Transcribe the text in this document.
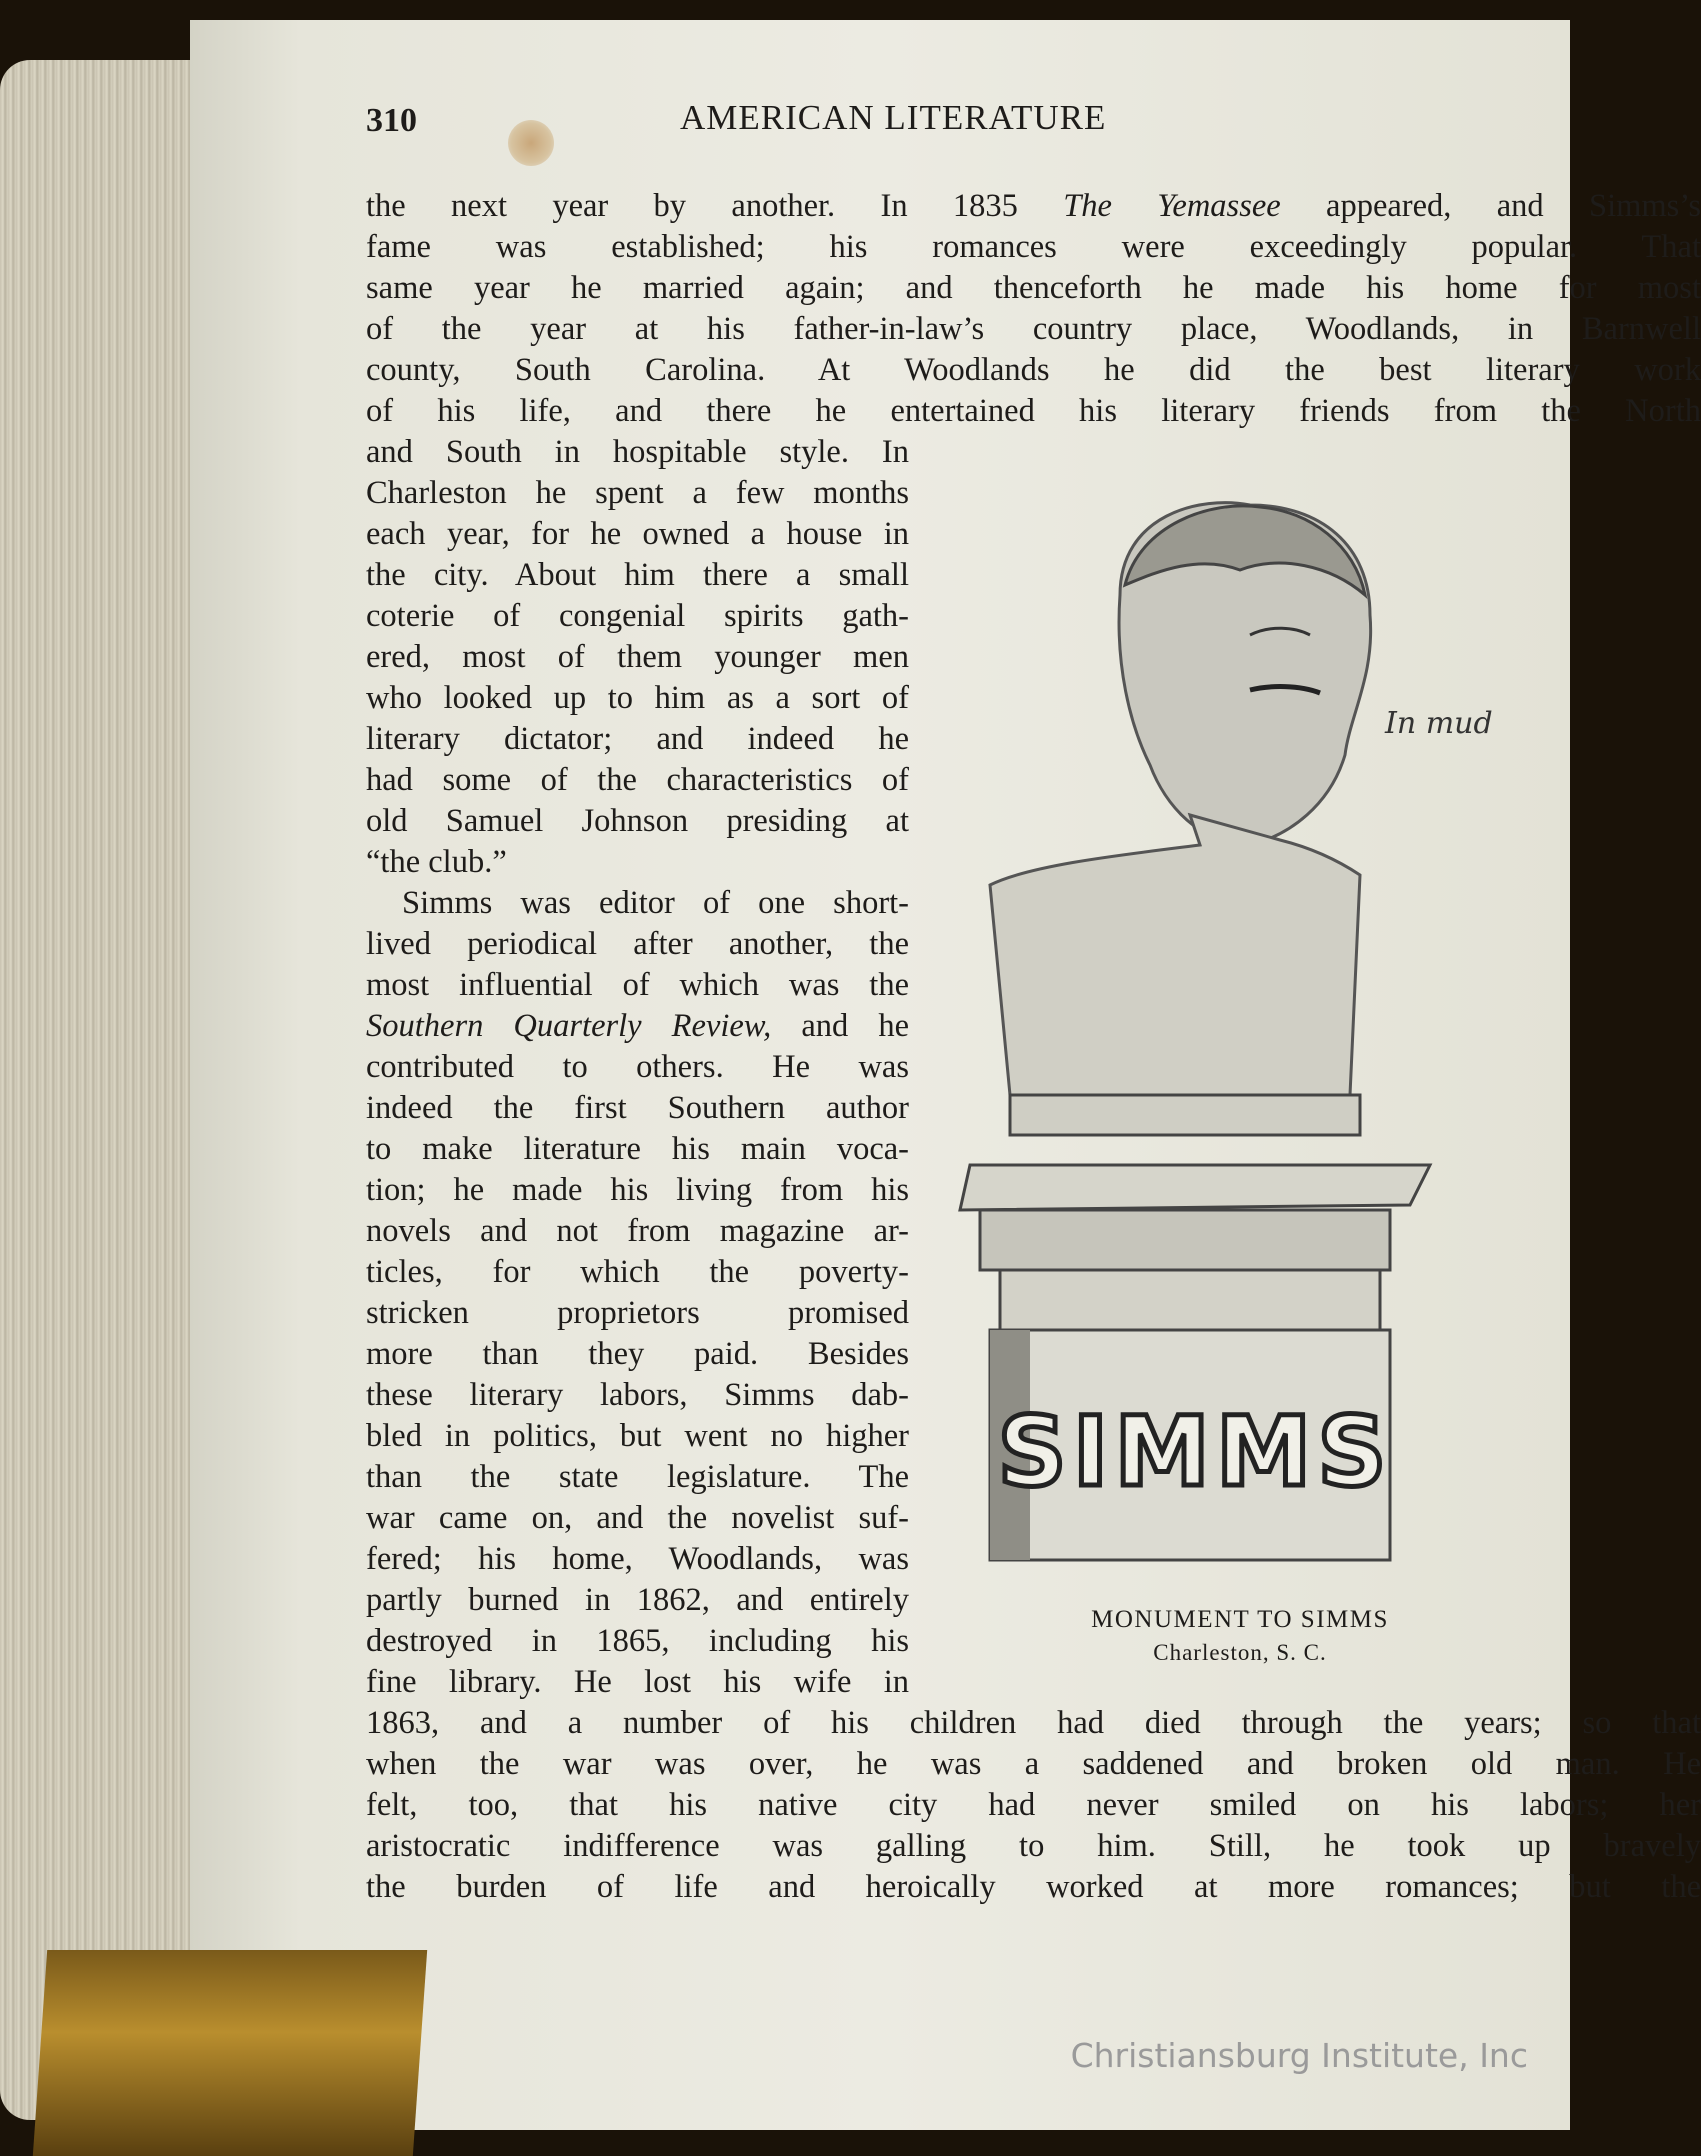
310	AMERICAN LITERATURE
the next year by another. In 1835 The Yemassee appeared, and Simms’s
fame was established; his romances were exceedingly popular. That
same year he married again; and thenceforth he made his home for most
of the year at his father-in-law’s country place, Woodlands, in Barnwell
county, South Carolina. At Woodlands he did the best literary work
of his life, and there he entertained his literary friends from the North
and South in hospitable style. In
Charleston he spent a few months
each year, for he owned a house in
the city. About him there a small
coterie of congenial spirits gath-
ered, most of them younger men
who looked up to him as a sort of
literary dictator; and indeed he
had some of the characteristics of
old Samuel Johnson presiding at
“the club.”
Simms was editor of one short-
lived periodical after another, the
most influential of which was the
Southern Quarterly Review, and he
contributed to others. He was
indeed the first Southern author
to make literature his main voca-
tion; he made his living from his
novels and not from magazine ar-
ticles, for which the poverty-
stricken proprietors promised
more than they paid. Besides
these literary labors, Simms dab-
bled in politics, but went no higher
than the state legislature. The
war came on, and the novelist suf-
fered; his home, Woodlands, was
partly burned in 1862, and entirely
destroyed in 1865, including his
fine library. He lost his wife in
1863, and a number of his children had died through the years; so that
when the war was over, he was a saddened and broken old man. He
felt, too, that his native city had never smiled on his labors; her
aristocratic indifference was galling to him. Still, he took up bravely
the burden of life and heroically worked at more romances; but the
In mud
SIMMS
MONUMENT TO SIMMS
Charleston, S. C.
Christiansburg Institute, Inc
